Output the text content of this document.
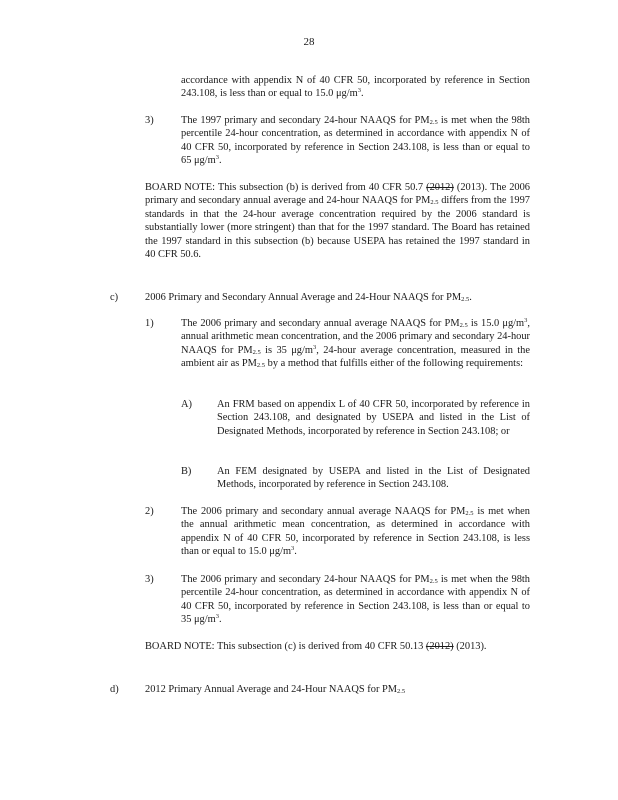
28
accordance with appendix N of 40 CFR 50, incorporated by reference in Section 243.108, is less than or equal to 15.0 $\mu g/m^3$.
3)	The 1997 primary and secondary 24-hour NAAQS for $PM_{2.5}$ is met when the 98th percentile 24-hour concentration, as determined in accordance with appendix N of 40 CFR 50, incorporated by reference in Section 243.108, is less than or equal to 65 $\mu g/m^3$.
BOARD NOTE: This subsection (b) is derived from 40 CFR 50.7 (2012) (2013). The 2006 primary and secondary annual average and 24-hour NAAQS for $PM_{2.5}$ differs from the 1997 standards in that the 24-hour average concentration required by the 2006 standard is substantially lower (more stringent) than that for the 1997 standard. The Board has retained the 1997 standard in this subsection (b) because USEPA has retained the 1997 standard in 40 CFR 50.6.
c)	2006 Primary and Secondary Annual Average and 24-Hour NAAQS for $PM_{2.5}$.
1)	The 2006 primary and secondary annual average NAAQS for $PM_{2.5}$ is 15.0 $\mu g/m^3$, annual arithmetic mean concentration, and the 2006 primary and secondary 24-hour NAAQS for $PM_{2.5}$ is 35 $\mu g/m^3$, 24-hour average concentration, measured in the ambient air as $PM_{2.5}$ by a method that fulfills either of the following requirements:
A) An FRM based on appendix L of 40 CFR 50, incorporated by reference in Section 243.108, and designated by USEPA and listed in the List of Designated Methods, incorporated by reference in Section 243.108; or
B) An FEM designated by USEPA and listed in the List of Designated Methods, incorporated by reference in Section 243.108.
2)	The 2006 primary and secondary annual average NAAQS for $PM_{2.5}$ is met when the annual arithmetic mean concentration, as determined in accordance with appendix N of 40 CFR 50, incorporated by reference in Section 243.108, is less than or equal to 15.0 $\mu g/m^3$.
3)	The 2006 primary and secondary 24-hour NAAQS for $PM_{2.5}$ is met when the 98th percentile 24-hour concentration, as determined in accordance with appendix N of 40 CFR 50, incorporated by reference in Section 243.108, is less than or equal to 35 $\mu g/m^3$.
BOARD NOTE: This subsection (c) is derived from 40 CFR 50.13 (2012) (2013).
d)	2012 Primary Annual Average and 24-Hour NAAQS for $PM_{2.5}$
